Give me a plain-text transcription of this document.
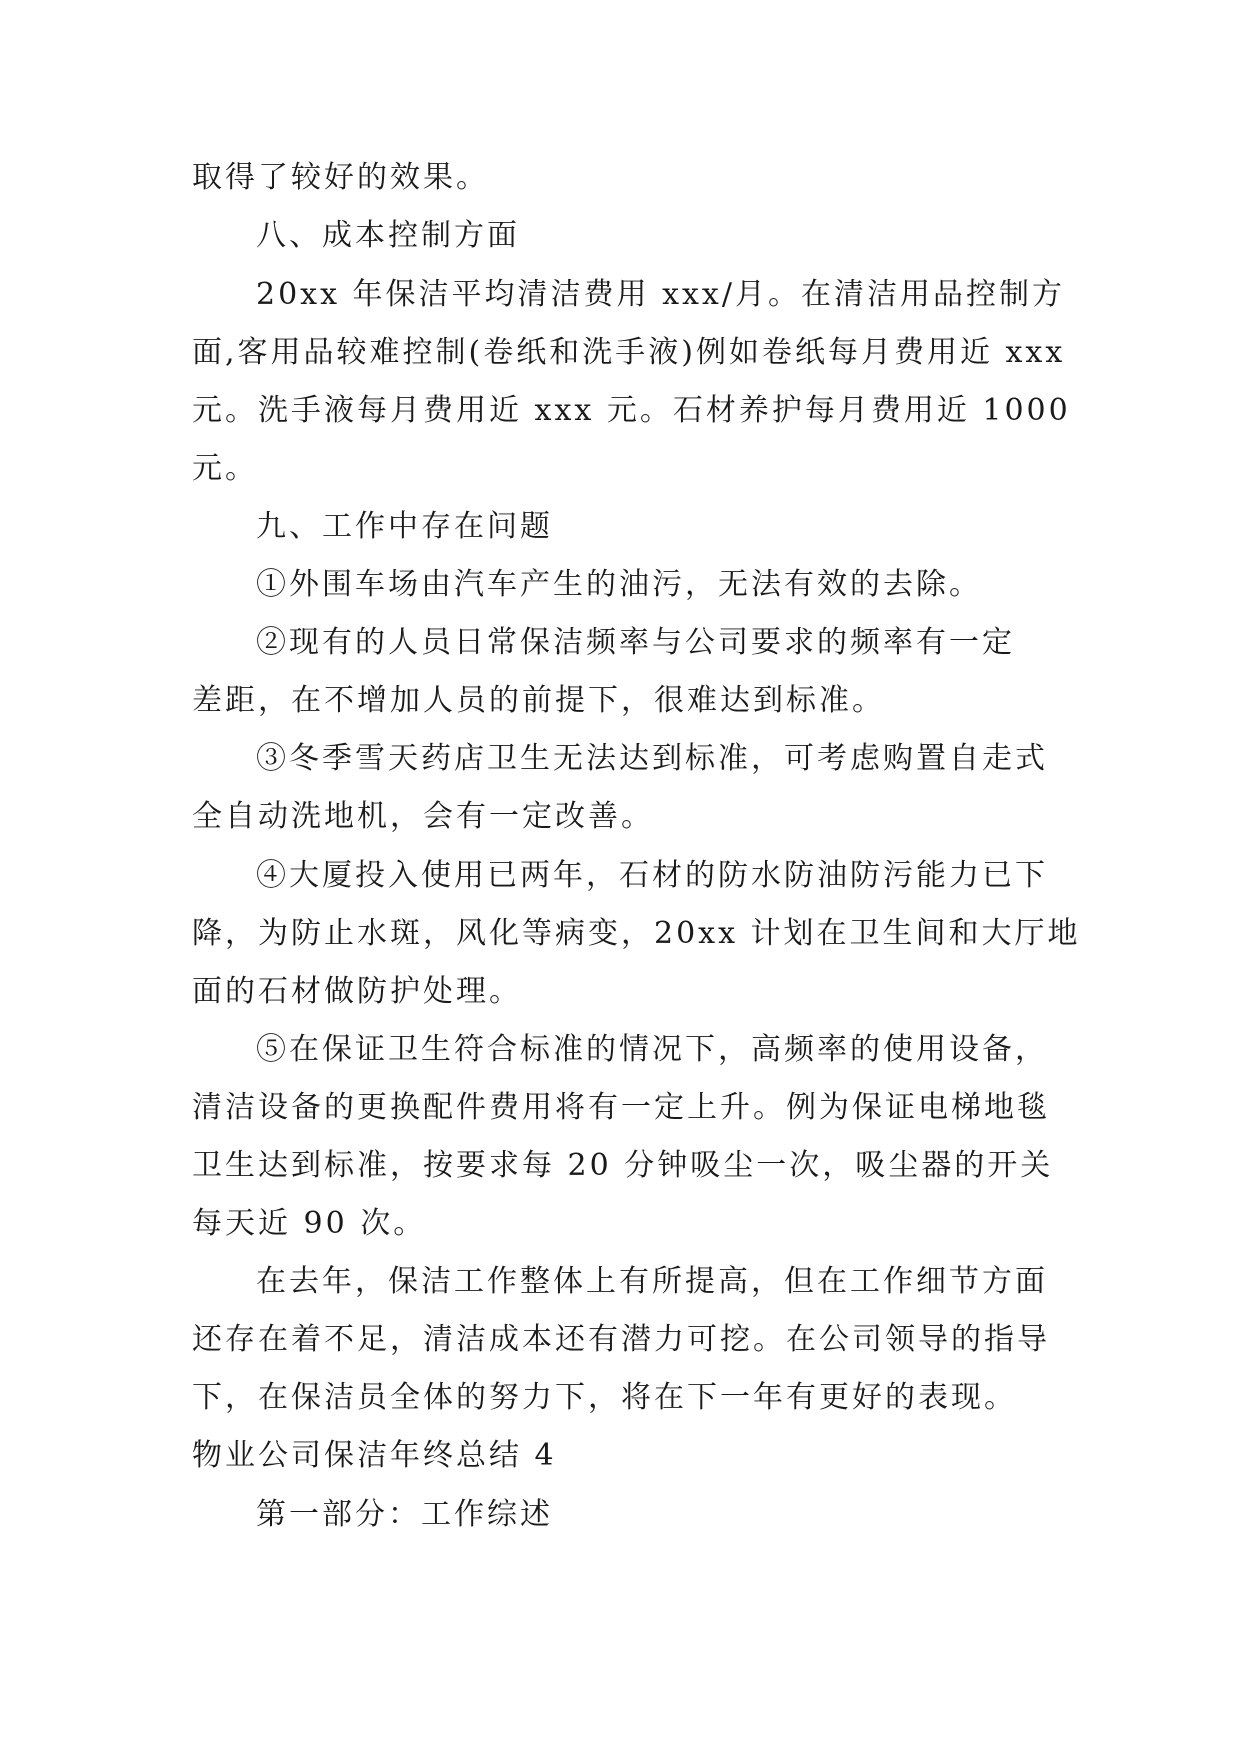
取得了较好的效果。
八、成本控制方面
20xx 年保洁平均清洁费用 xxx/月。在清洁用品控制方
面,客用品较难控制(卷纸和洗手液)例如卷纸每月费用近 xxx
元。洗手液每月费用近 xxx 元。石材养护每月费用近 1000
元。
九、工作中存在问题
①外围车场由汽车产生的油污，无法有效的去除。
②现有的人员日常保洁频率与公司要求的频率有一定
差距，在不增加人员的前提下，很难达到标准。
③冬季雪天药店卫生无法达到标准，可考虑购置自走式
全自动洗地机，会有一定改善。
④大厦投入使用已两年，石材的防水防油防污能力已下
降，为防止水斑，风化等病变，20xx 计划在卫生间和大厅地
面的石材做防护处理。
⑤在保证卫生符合标准的情况下，高频率的使用设备，
清洁设备的更换配件费用将有一定上升。例为保证电梯地毯
卫生达到标准，按要求每 20 分钟吸尘一次，吸尘器的开关
每天近 90 次。
在去年，保洁工作整体上有所提高，但在工作细节方面
还存在着不足，清洁成本还有潜力可挖。在公司领导的指导
下，在保洁员全体的努力下，将在下一年有更好的表现。
物业公司保洁年终总结 4
第一部分：工作综述
